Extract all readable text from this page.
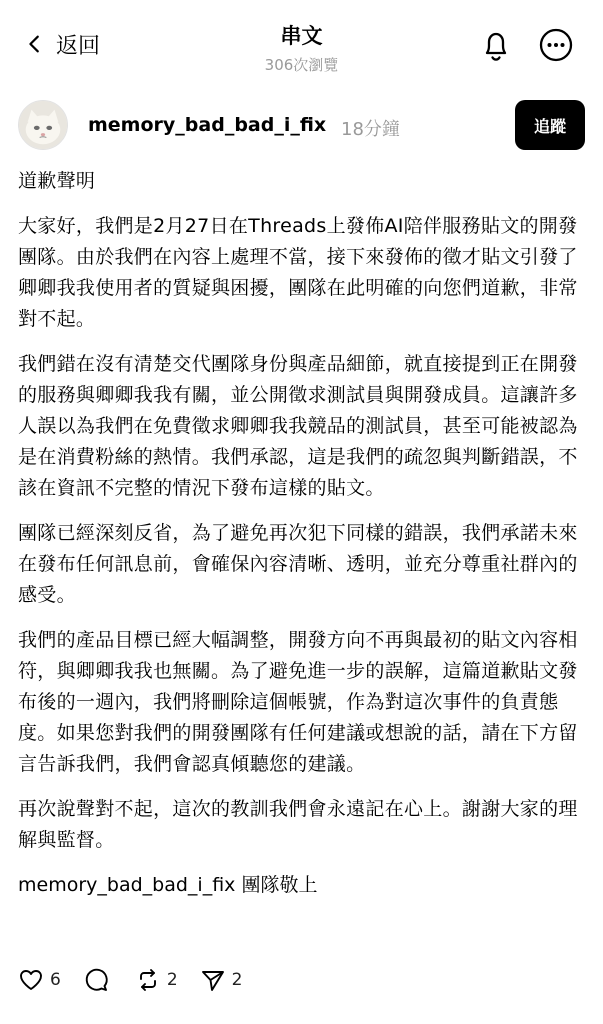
返回	串文
306次瀏覽
memory_bad_bad_i_fix 18分鐘	追蹤

道歉聲明

大家好，我們是2月27日在Threads上發佈AI陪伴服務貼文的開發團隊。由於我們在內容上處理不當，接下來發佈的徵才貼文引發了卿卿我我使用者的質疑與困擾，團隊在此明確的向您們道歉，非常對不起。

我們錯在沒有清楚交代團隊身份與產品細節，就直接提到正在開發的服務與卿卿我我有關，並公開徵求測試員與開發成員。這讓許多人誤以為我們在免費徵求卿卿我我競品的測試員，甚至可能被認為是在消費粉絲的熱情。我們承認，這是我們的疏忽與判斷錯誤，不該在資訊不完整的情況下發布這樣的貼文。

團隊已經深刻反省，為了避免再次犯下同樣的錯誤，我們承諾未來在發布任何訊息前，會確保內容清晰、透明，並充分尊重社群內的感受。

我們的產品目標已經大幅調整，開發方向不再與最初的貼文內容相符，與卿卿我我也無關。為了避免進一步的誤解，這篇道歉貼文發布後的一週內，我們將刪除這個帳號，作為對這次事件的負責態度。如果您對我們的開發團隊有任何建議或想說的話，請在下方留言告訴我們，我們會認真傾聽您的建議。

再次說聲對不起，這次的教訓我們會永遠記在心上。謝謝大家的理解與監督。

memory_bad_bad_i_fix 團隊敬上

6	2	2
